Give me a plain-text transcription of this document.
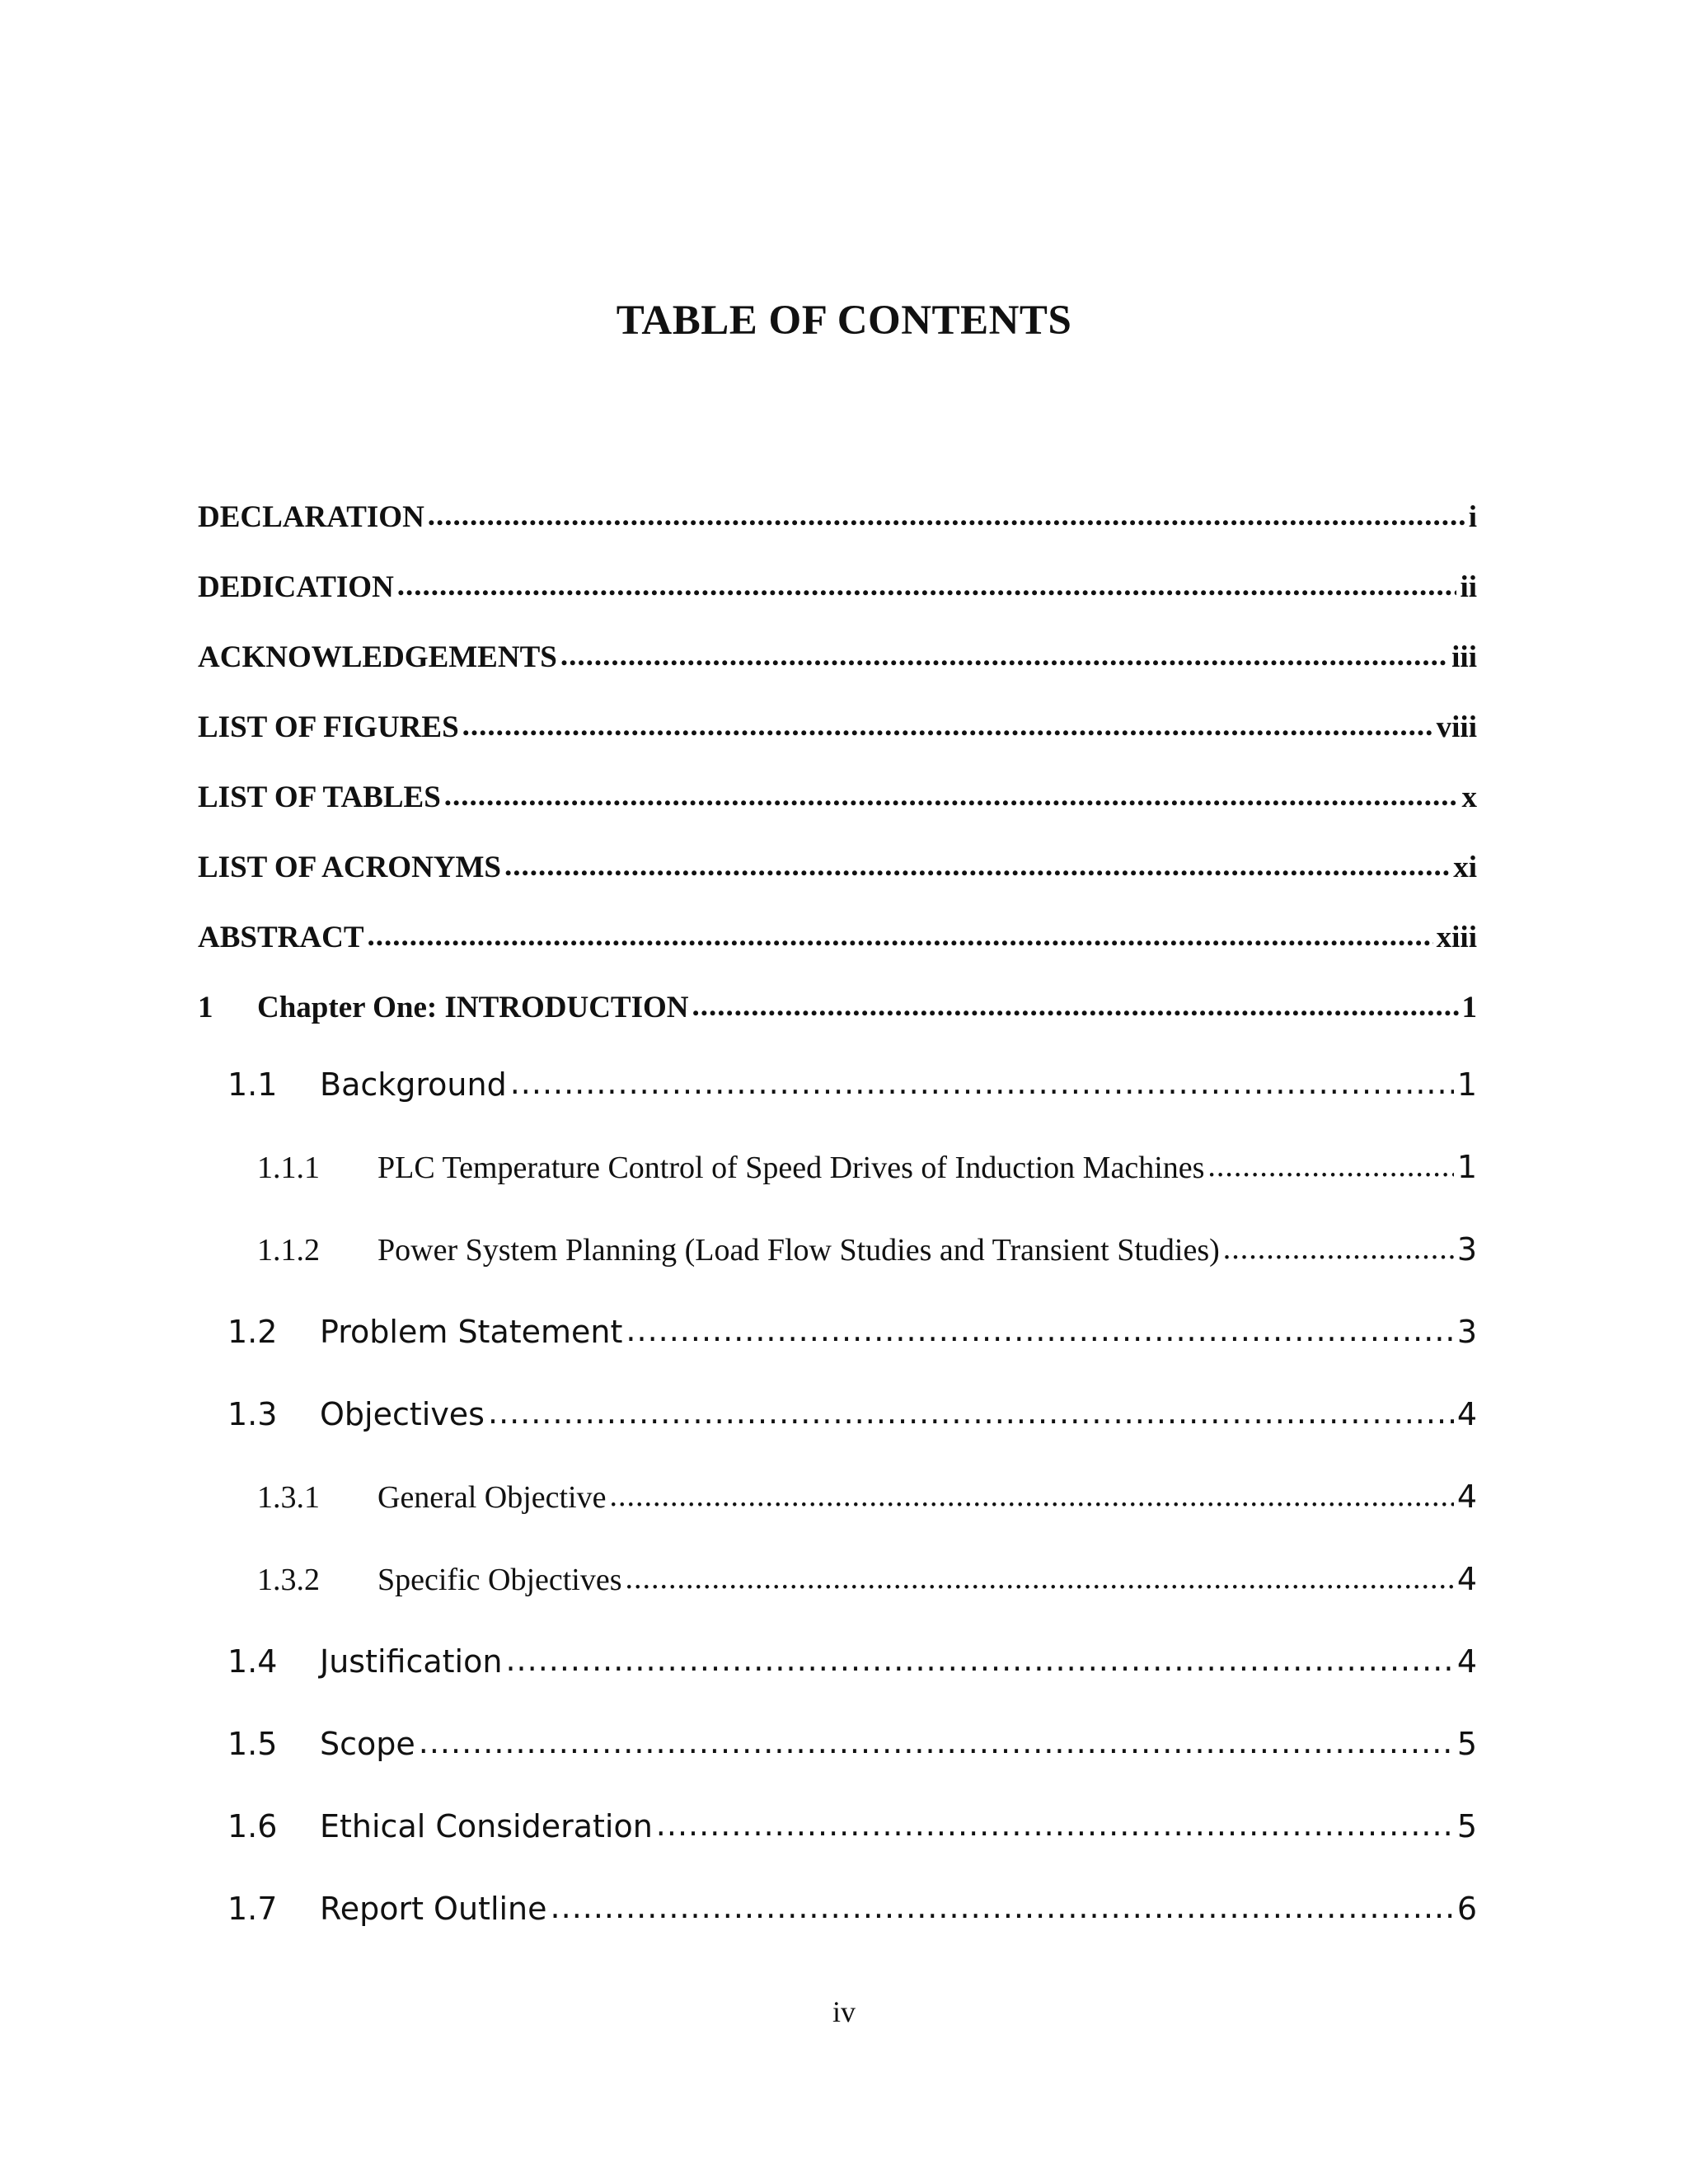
TABLE OF CONTENTS
DECLARATION .....	i
DEDICATION .....	ii
ACKNOWLEDGEMENTS .....	iii
LIST OF FIGURES .....	viii
LIST OF TABLES .....	x
LIST OF ACRONYMS .....	xi
ABSTRACT .....	xiii
1	Chapter One: INTRODUCTION .....	1
1.1	Background .....	1
1.1.1	PLC Temperature Control of Speed Drives of Induction Machines .....	1
1.1.2	Power System Planning (Load Flow Studies and Transient Studies) .....	3
1.2	Problem Statement .....	3
1.3	Objectives .....	4
1.3.1	General Objective .....	4
1.3.2	Specific Objectives .....	4
1.4	Justification .....	4
1.5	Scope .....	5
1.6	Ethical Consideration .....	5
1.7	Report Outline .....	6
iv
